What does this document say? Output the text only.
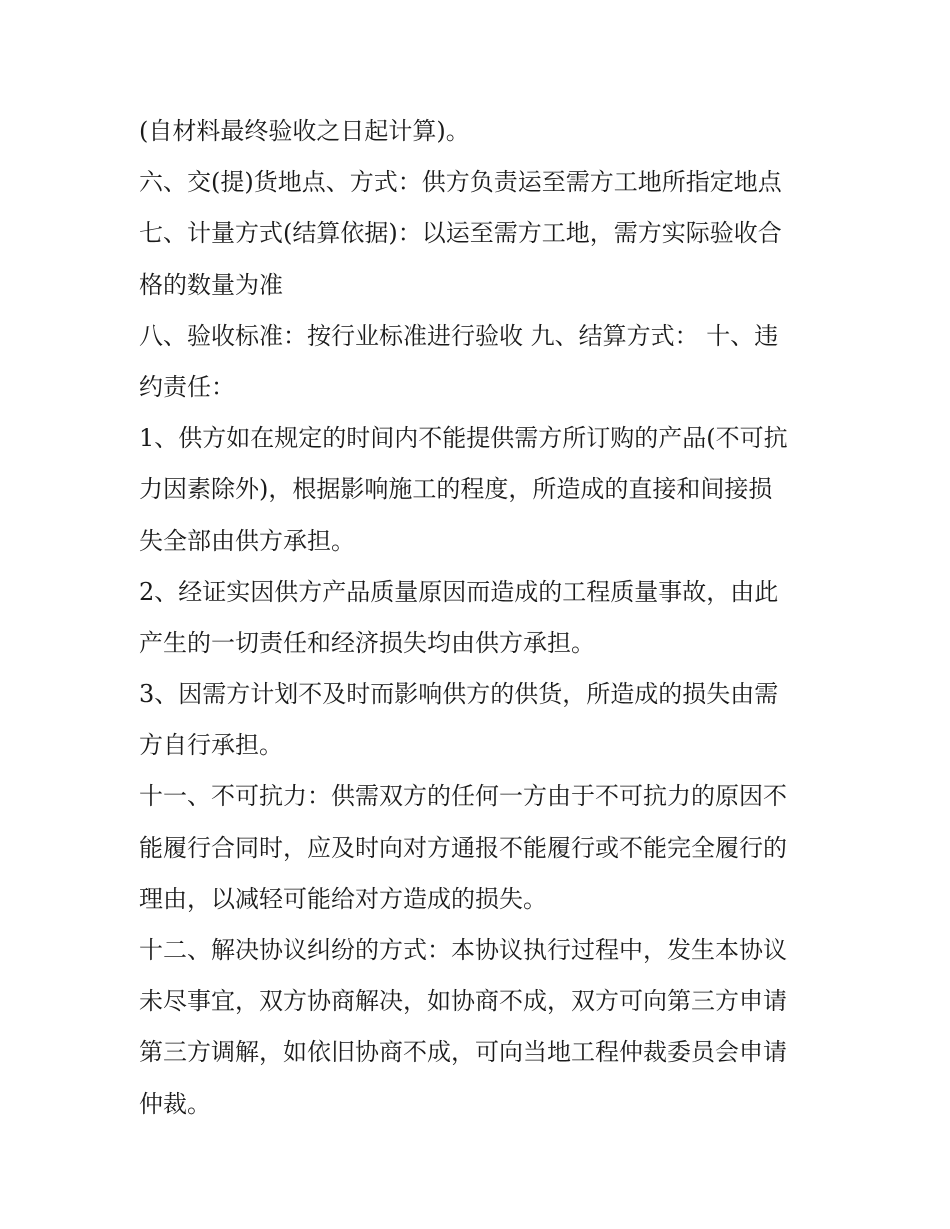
(自材料最终验收之日起计算)。

六、交(提)货地点、方式：供方负责运至需方工地所指定地点

七、计量方式(结算依据)：以运至需方工地，需方实际验收合

格的数量为准

八、验收标准：按行业标准进行验收 九、结算方式： 十、违

约责任：

1、供方如在规定的时间内不能提供需方所订购的产品(不可抗

力因素除外)，根据影响施工的程度，所造成的直接和间接损

失全部由供方承担。

2、经证实因供方产品质量原因而造成的工程质量事故，由此

产生的一切责任和经济损失均由供方承担。

3、因需方计划不及时而影响供方的供货，所造成的损失由需

方自行承担。

十一、不可抗力：供需双方的任何一方由于不可抗力的原因不

能履行合同时，应及时向对方通报不能履行或不能完全履行的

理由，以减轻可能给对方造成的损失。

十二、解决协议纠纷的方式：本协议执行过程中，发生本协议

未尽事宜，双方协商解决，如协商不成，双方可向第三方申请

第三方调解，如依旧协商不成，可向当地工程仲裁委员会申请

仲裁。
